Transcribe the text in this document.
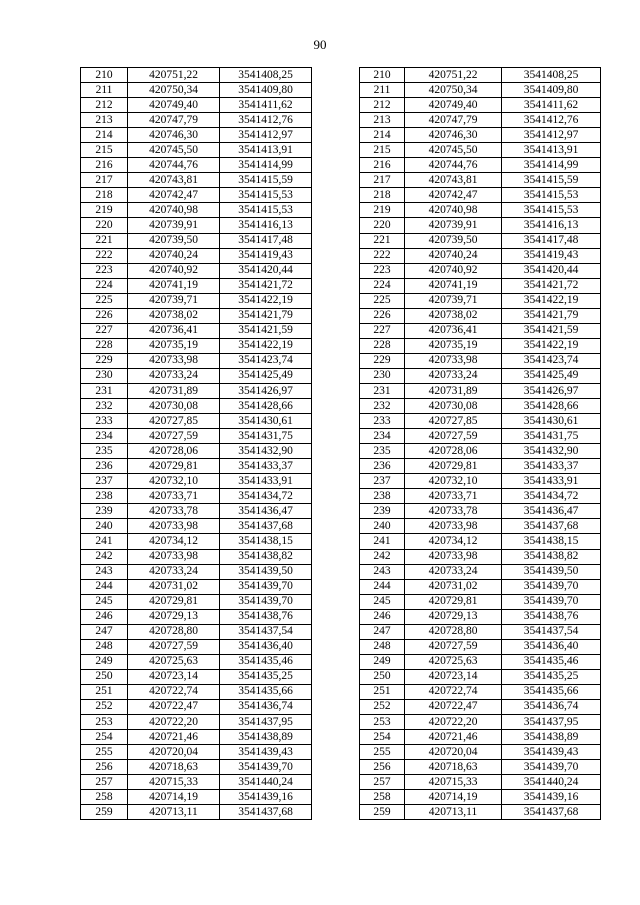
90
210	420751,22	3541408,25		210	420751,22	3541408,25
211	420750,34	3541409,80		211	420750,34	3541409,80
212	420749,40	3541411,62		212	420749,40	3541411,62
213	420747,79	3541412,76		213	420747,79	3541412,76
214	420746,30	3541412,97		214	420746,30	3541412,97
215	420745,50	3541413,91		215	420745,50	3541413,91
216	420744,76	3541414,99		216	420744,76	3541414,99
217	420743,81	3541415,59		217	420743,81	3541415,59
218	420742,47	3541415,53		218	420742,47	3541415,53
219	420740,98	3541415,53		219	420740,98	3541415,53
220	420739,91	3541416,13		220	420739,91	3541416,13
221	420739,50	3541417,48		221	420739,50	3541417,48
222	420740,24	3541419,43		222	420740,24	3541419,43
223	420740,92	3541420,44		223	420740,92	3541420,44
224	420741,19	3541421,72		224	420741,19	3541421,72
225	420739,71	3541422,19		225	420739,71	3541422,19
226	420738,02	3541421,79		226	420738,02	3541421,79
227	420736,41	3541421,59		227	420736,41	3541421,59
228	420735,19	3541422,19		228	420735,19	3541422,19
229	420733,98	3541423,74		229	420733,98	3541423,74
230	420733,24	3541425,49		230	420733,24	3541425,49
231	420731,89	3541426,97		231	420731,89	3541426,97
232	420730,08	3541428,66		232	420730,08	3541428,66
233	420727,85	3541430,61		233	420727,85	3541430,61
234	420727,59	3541431,75		234	420727,59	3541431,75
235	420728,06	3541432,90		235	420728,06	3541432,90
236	420729,81	3541433,37		236	420729,81	3541433,37
237	420732,10	3541433,91		237	420732,10	3541433,91
238	420733,71	3541434,72		238	420733,71	3541434,72
239	420733,78	3541436,47		239	420733,78	3541436,47
240	420733,98	3541437,68		240	420733,98	3541437,68
241	420734,12	3541438,15		241	420734,12	3541438,15
242	420733,98	3541438,82		242	420733,98	3541438,82
243	420733,24	3541439,50		243	420733,24	3541439,50
244	420731,02	3541439,70		244	420731,02	3541439,70
245	420729,81	3541439,70		245	420729,81	3541439,70
246	420729,13	3541438,76		246	420729,13	3541438,76
247	420728,80	3541437,54		247	420728,80	3541437,54
248	420727,59	3541436,40		248	420727,59	3541436,40
249	420725,63	3541435,46		249	420725,63	3541435,46
250	420723,14	3541435,25		250	420723,14	3541435,25
251	420722,74	3541435,66		251	420722,74	3541435,66
252	420722,47	3541436,74		252	420722,47	3541436,74
253	420722,20	3541437,95		253	420722,20	3541437,95
254	420721,46	3541438,89		254	420721,46	3541438,89
255	420720,04	3541439,43		255	420720,04	3541439,43
256	420718,63	3541439,70		256	420718,63	3541439,70
257	420715,33	3541440,24		257	420715,33	3541440,24
258	420714,19	3541439,16		258	420714,19	3541439,16
259	420713,11	3541437,68		259	420713,11	3541437,68
